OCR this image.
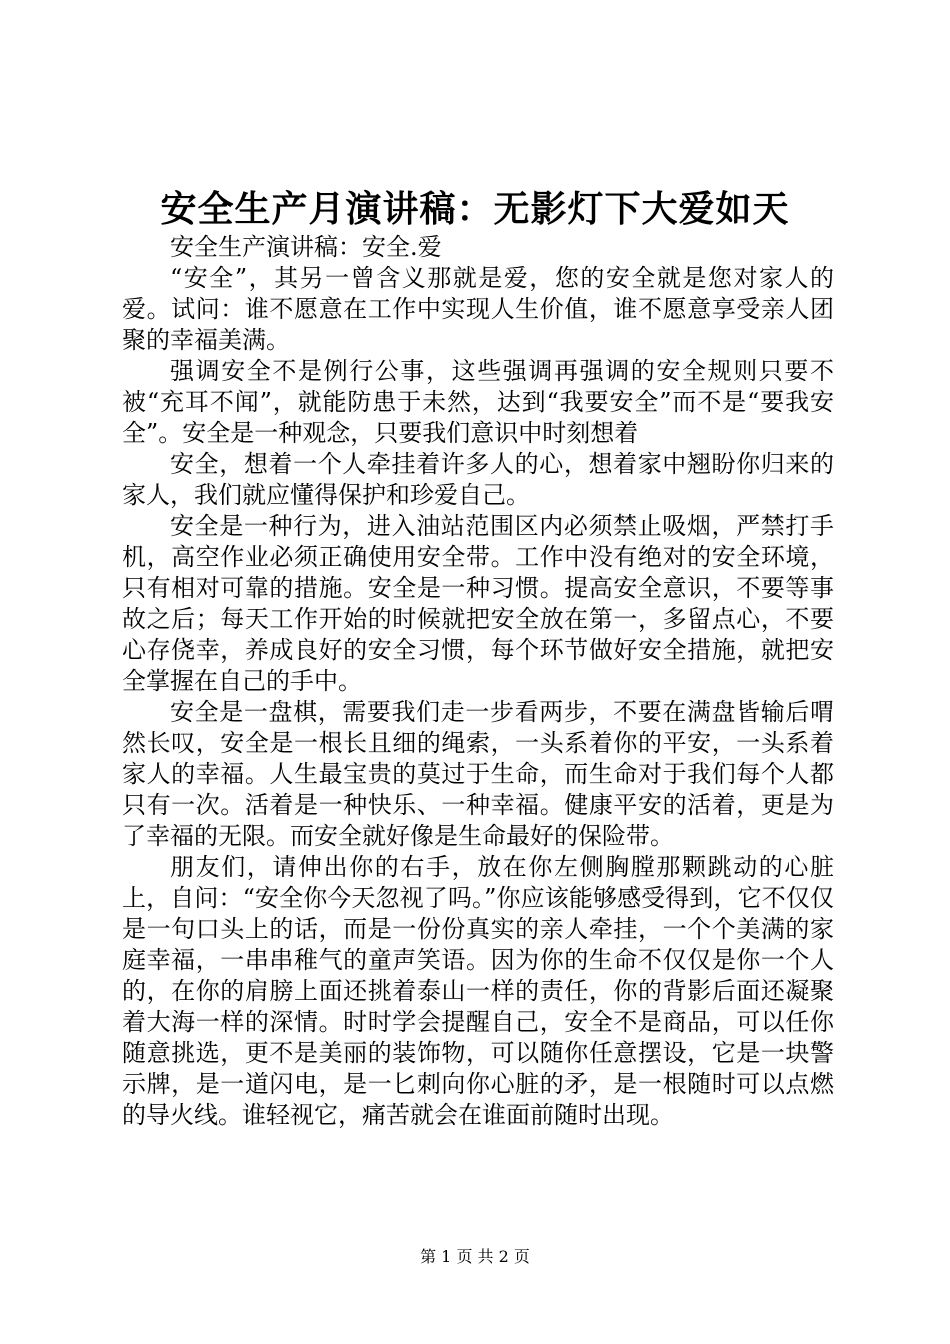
安全生产月演讲稿：无影灯下大爱如天

安全生产演讲稿：安全.爱

“安全”，其另一曾含义那就是爱，您的安全就是您对家人的爱。试问：谁不愿意在工作中实现人生价值，谁不愿意享受亲人团聚的幸福美满。

强调安全不是例行公事，这些强调再强调的安全规则只要不被“充耳不闻”，就能防患于未然，达到“我要安全”而不是“要我安全”。安全是一种观念，只要我们意识中时刻想着

安全，想着一个人牵挂着许多人的心，想着家中翘盼你归来的家人，我们就应懂得保护和珍爱自己。

安全是一种行为，进入油站范围区内必须禁止吸烟，严禁打手机，高空作业必须正确使用安全带。工作中没有绝对的安全环境，只有相对可靠的措施。安全是一种习惯。提高安全意识，不要等事故之后；每天工作开始的时候就把安全放在第一，多留点心，不要心存侥幸，养成良好的安全习惯，每个环节做好安全措施，就把安全掌握在自己的手中。

安全是一盘棋，需要我们走一步看两步，不要在满盘皆输后喟然长叹，安全是一根长且细的绳索，一头系着你的平安，一头系着家人的幸福。人生最宝贵的莫过于生命，而生命对于我们每个人都只有一次。活着是一种快乐、一种幸福。健康平安的活着，更是为了幸福的无限。而安全就好像是生命最好的保险带。

朋友们，请伸出你的右手，放在你左侧胸膛那颗跳动的心脏上，自问：“安全你今天忽视了吗。”你应该能够感受得到，它不仅仅是一句口头上的话，而是一份份真实的亲人牵挂，一个个美满的家庭幸福，一串串稚气的童声笑语。因为你的生命不仅仅是你一个人的，在你的肩膀上面还挑着泰山一样的责任，你的背影后面还凝聚着大海一样的深情。时时学会提醒自己，安全不是商品，可以任你随意挑选，更不是美丽的装饰物，可以随你任意摆设，它是一块警示牌，是一道闪电，是一匕刺向你心脏的矛，是一根随时可以点燃的导火线。谁轻视它，痛苦就会在谁面前随时出现。

第 1 页 共 2 页
